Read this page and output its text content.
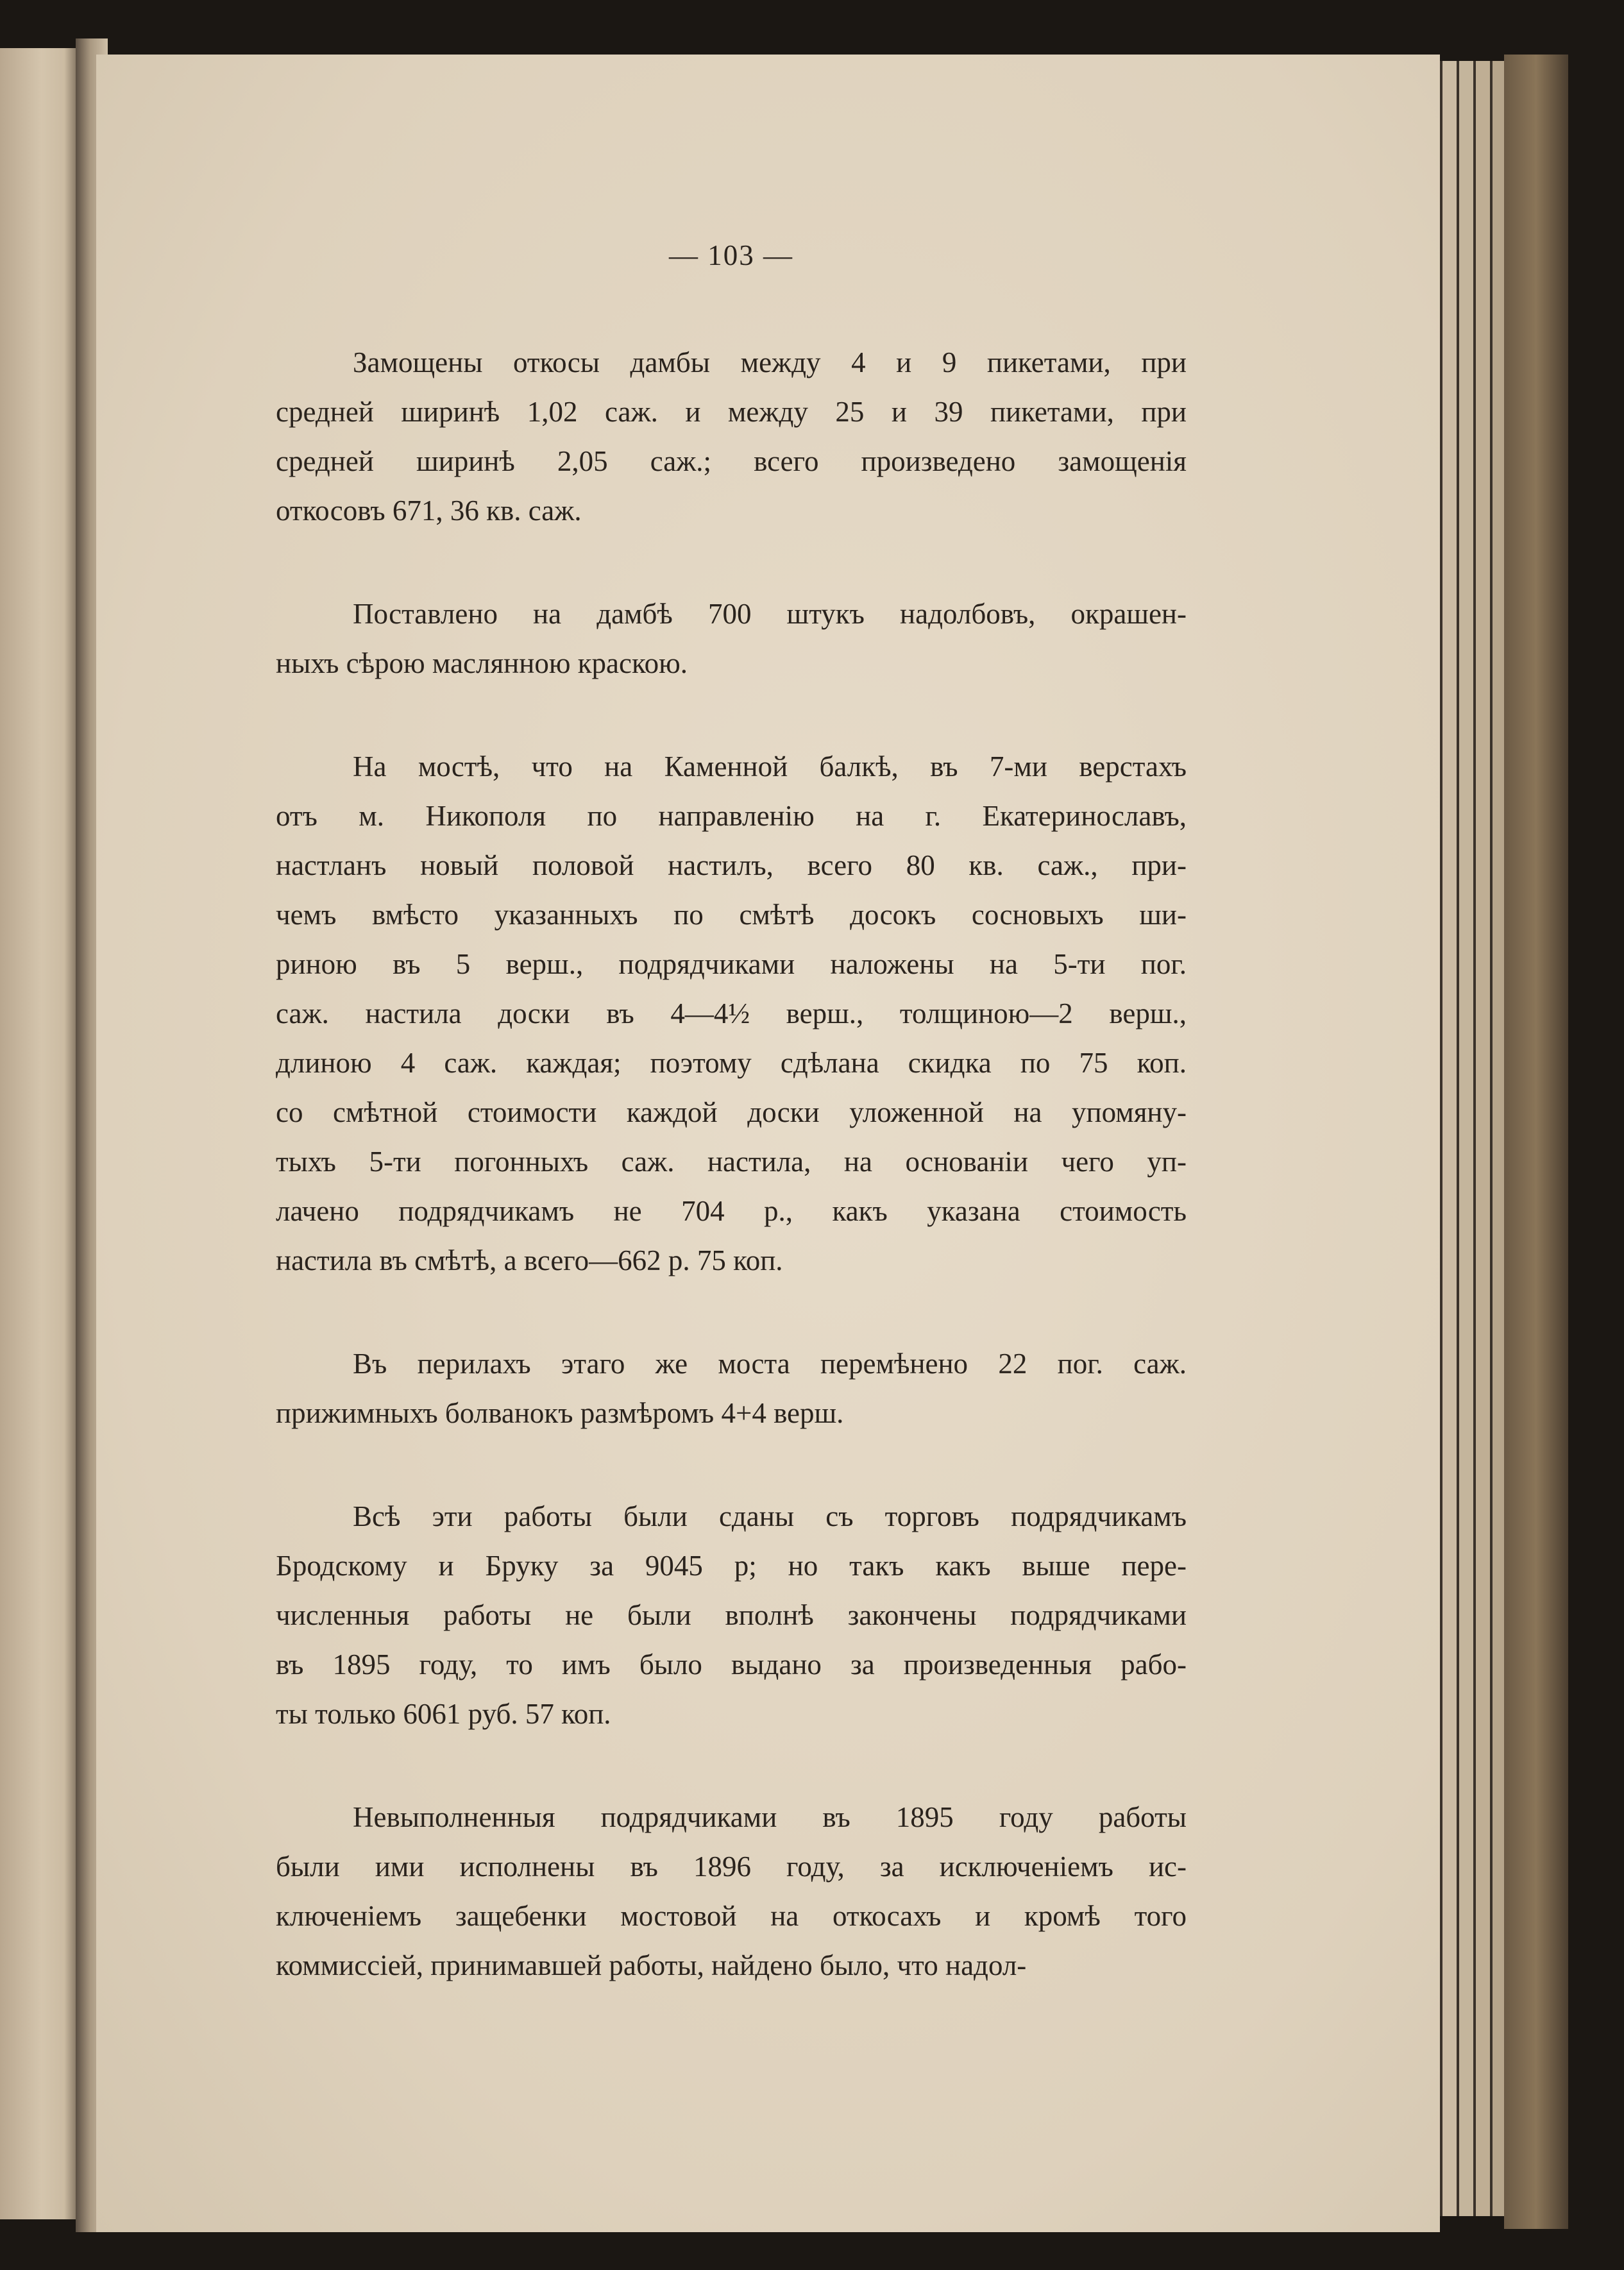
— 103 —
Замощены откосы дамбы между 4 и 9 пикетами, при
средней ширинѣ 1,02 саж. и между 25 и 39 пикетами, при
средней ширинѣ 2,05 саж.; всего произведено замощенія
откосовъ 671, 36 кв. саж.
Поставлено на дамбѣ 700 штукъ надолбовъ, окрашен-
ныхъ сѣрою маслянною краскою.
На мостѣ, что на Каменной балкѣ, въ 7-ми верстахъ
отъ м. Никополя по направленію на г. Екатеринославъ,
настланъ новый половой настилъ, всего 80 кв. саж., при-
чемъ вмѣсто указанныхъ по смѣтѣ досокъ сосновыхъ ши-
риною въ 5 верш., подрядчиками наложены на 5-ти пог.
саж. настила доски въ 4—4½ верш., толщиною—2 верш.,
длиною 4 саж. каждая; поэтому сдѣлана скидка по 75 коп.
со смѣтной стоимости каждой доски уложенной на упомяну-
тыхъ 5-ти погонныхъ саж. настила, на основаніи чего уп-
лачено подрядчикамъ не 704 р., какъ указана стоимость
настила въ смѣтѣ, а всего—662 р. 75 коп.
Въ перилахъ этаго же моста перемѣнено 22 пог. саж.
прижимныхъ болванокъ размѣромъ 4+4 верш.
Всѣ эти работы были сданы съ торговъ подрядчикамъ
Бродскому и Бруку за 9045 р; но такъ какъ выше пере-
численныя работы не были вполнѣ закончены подрядчиками
въ 1895 году, то имъ было выдано за произведенныя рабо-
ты только 6061 руб. 57 коп.
Невыполненныя подрядчиками въ 1895 году работы
были ими исполнены въ 1896 году, за исключеніемъ ис-
ключеніемъ защебенки мостовой на откосахъ и кромѣ того
коммиссіей, принимавшей работы, найдено было, что надол-
